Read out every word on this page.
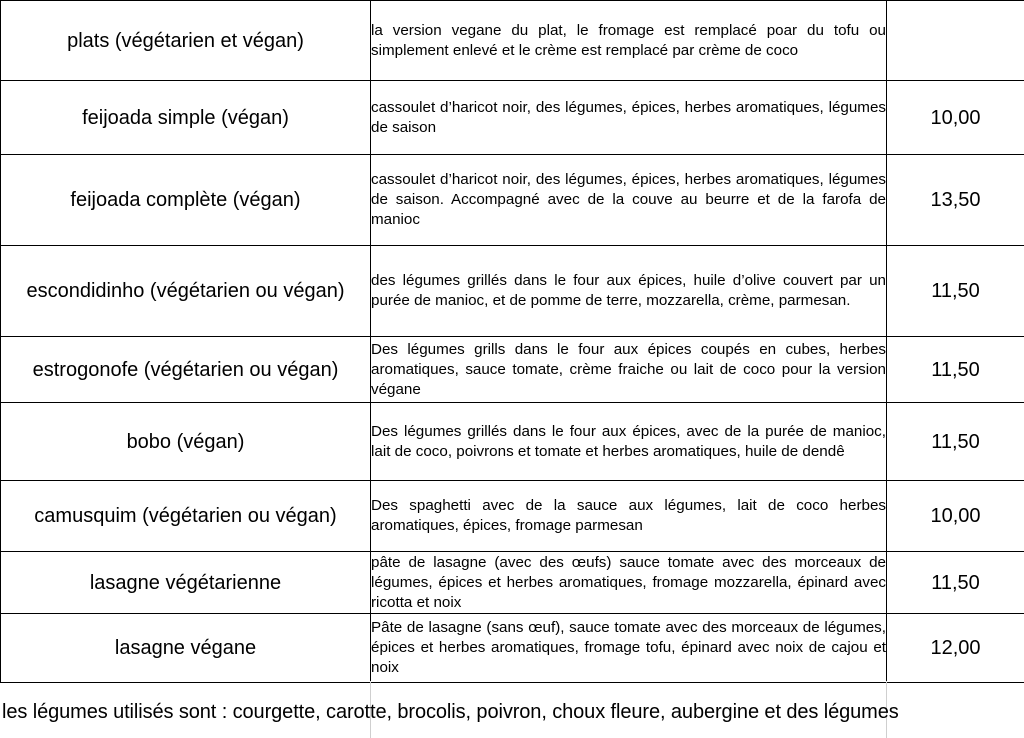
plats (végétarien et végan)	la version vegane du plat, le fromage est remplacé poar du tofu ou simplement enlevé et le crème est remplacé par crème de coco	
feijoada simple (végan)	cassoulet d’haricot noir, des légumes, épices, herbes aromatiques, légumes de saison	10,00
feijoada complète (végan)	cassoulet d’haricot noir, des légumes, épices, herbes aromatiques, légumes de saison. Accompagné avec de la couve au beurre et de la farofa de manioc	13,50
escondidinho (végétarien ou végan)	des légumes grillés dans le four aux épices, huile d’olive couvert par un purée de manioc, et de pomme de terre, mozzarella, crème, parmesan.	11,50
estrogonofe (végétarien ou végan)	Des légumes grills dans le four aux épices coupés en cubes, herbes aromatiques, sauce tomate, crème fraiche ou lait de coco pour la version végane	11,50
bobo (végan)	Des légumes grillés dans le four aux épices, avec de la purée de manioc, lait de coco, poivrons et tomate et herbes aromatiques, huile de dendê	11,50
camusquim (végétarien ou végan)	Des spaghetti avec de la sauce aux légumes, lait de coco herbes aromatiques, épices, fromage parmesan	10,00
lasagne végétarienne	pâte de lasagne (avec des œufs) sauce tomate avec des morceaux de légumes, épices et herbes aromatiques, fromage mozzarella, épinard avec ricotta et noix	11,50
lasagne végane	Pâte de lasagne (sans œuf), sauce tomate avec des morceaux de légumes, épices et herbes aromatiques, fromage tofu, épinard avec noix de cajou et noix	12,00
les légumes utilisés sont : courgette, carotte, brocolis, poivron, choux fleure, aubergine et des légumes
